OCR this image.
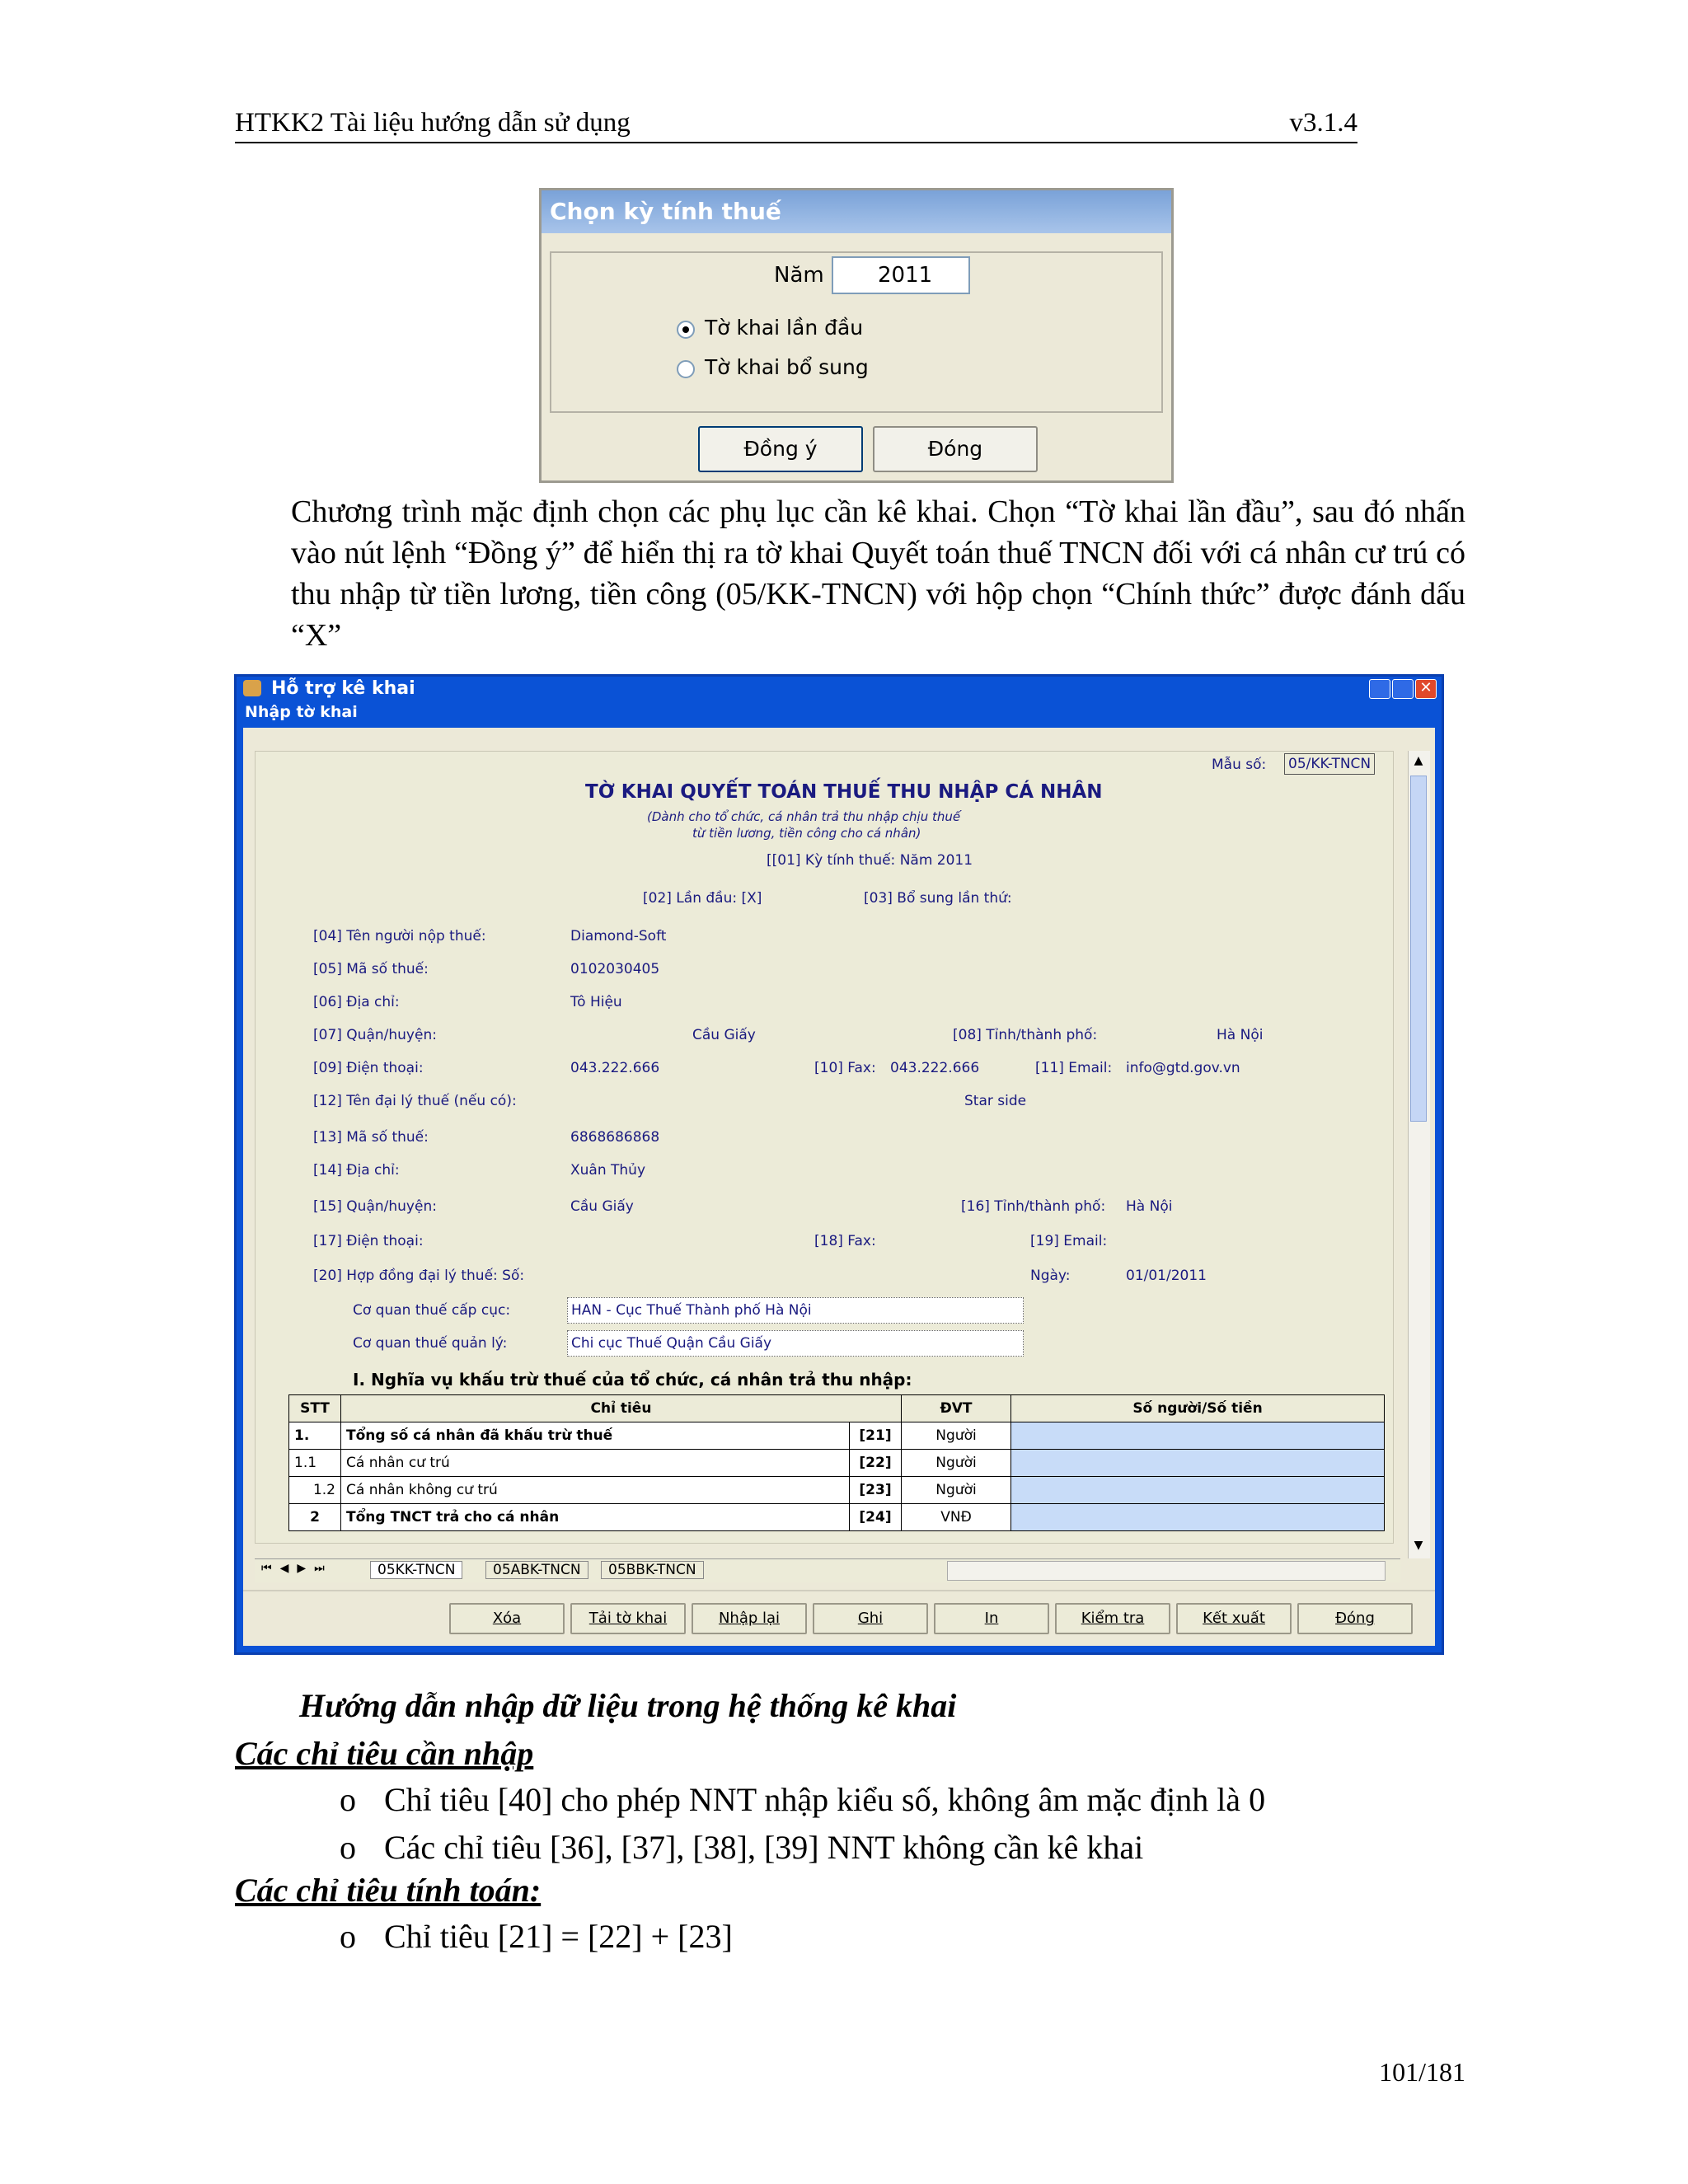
HTKK2 Tài liệu hướng dẫn sử dụng	v3.1.4
Chọn kỳ tính thuế
Năm	2011
Tờ khai lần đầu
Tờ khai bổ sung
Đồng ý	Đóng
Chương trình mặc định chọn các phụ lục cần kê khai. Chọn “Tờ khai lần đầu”, sau đó nhấn vào nút lệnh “Đồng ý” để hiển thị ra tờ khai Quyết toán thuế TNCN đối với cá nhân cư trú có thu nhập từ tiền lương, tiền công (05/KK-TNCN) với hộp chọn “Chính thức” được đánh dấu “X”
Hỗ trợ kê khai	✕
Nhập tờ khai
Mẫu số: 05/KK-TNCN
TỜ KHAI QUYẾT TOÁN THUẾ THU NHẬP CÁ NHÂN
(Dành cho tổ chức, cá nhân trả thu nhập chịu thuế
từ tiền lương, tiền công cho cá nhân)
[[01] Kỳ tính thuế: Năm 2011
[02] Lần đầu: [X]	[03] Bổ sung lần thứ:
[04] Tên người nộp thuế:	Diamond-Soft
[05] Mã số thuế:	0102030405
[06] Địa chỉ:	Tô Hiệu
[07] Quận/huyện:	Cầu Giấy	[08] Tỉnh/thành phố:	Hà Nội
[09] Điện thoại:	043.222.666	[10] Fax: 043.222.666	[11] Email: info@gtd.gov.vn
[12] Tên đại lý thuế (nếu có):	Star side
[13] Mã số thuế:	6868686868
[14] Địa chỉ:	Xuân Thủy
[15] Quận/huyện:	Cầu Giấy	[16] Tỉnh/thành phố: Hà Nội
[17] Điện thoại:	[18] Fax:	[19] Email:
[20] Hợp đồng đại lý thuế: Số:	Ngày:	01/01/2011
Cơ quan thuế cấp cục:	HAN - Cục Thuế Thành phố Hà Nội
Cơ quan thuế quản lý:	Chi cục Thuế Quận Cầu Giấy
I. Nghĩa vụ khấu trừ thuế của tổ chức, cá nhân trả thu nhập:
STT	Chỉ tiêu		ĐVT	Số người/Số tiền
1.	Tổng số cá nhân đã khấu trừ thuế	[21]	Người	
1.1	Cá nhân cư trú	[22]	Người	
1.2	Cá nhân không cư trú	[23]	Người	
2	Tổng TNCT trả cho cá nhân	[24]	VNĐ	
▲
▼
⏮◀▶⏭	05KK-TNCN	05ABK-TNCN	05BBK-TNCN
Xóa	Tải tờ khai	Nhập lại	Ghi	In	Kiểm tra	Kết xuất	Đóng
Hướng dẫn nhập dữ liệu trong hệ thống kê khai
Các chỉ tiêu cần nhập
o Chỉ tiêu [40] cho phép NNT nhập kiểu số, không âm mặc định là 0
o Các chỉ tiêu [36], [37], [38], [39] NNT không cần kê khai
Các chỉ tiêu tính toán:
o Chỉ tiêu [21] = [22] + [23]
101/181
